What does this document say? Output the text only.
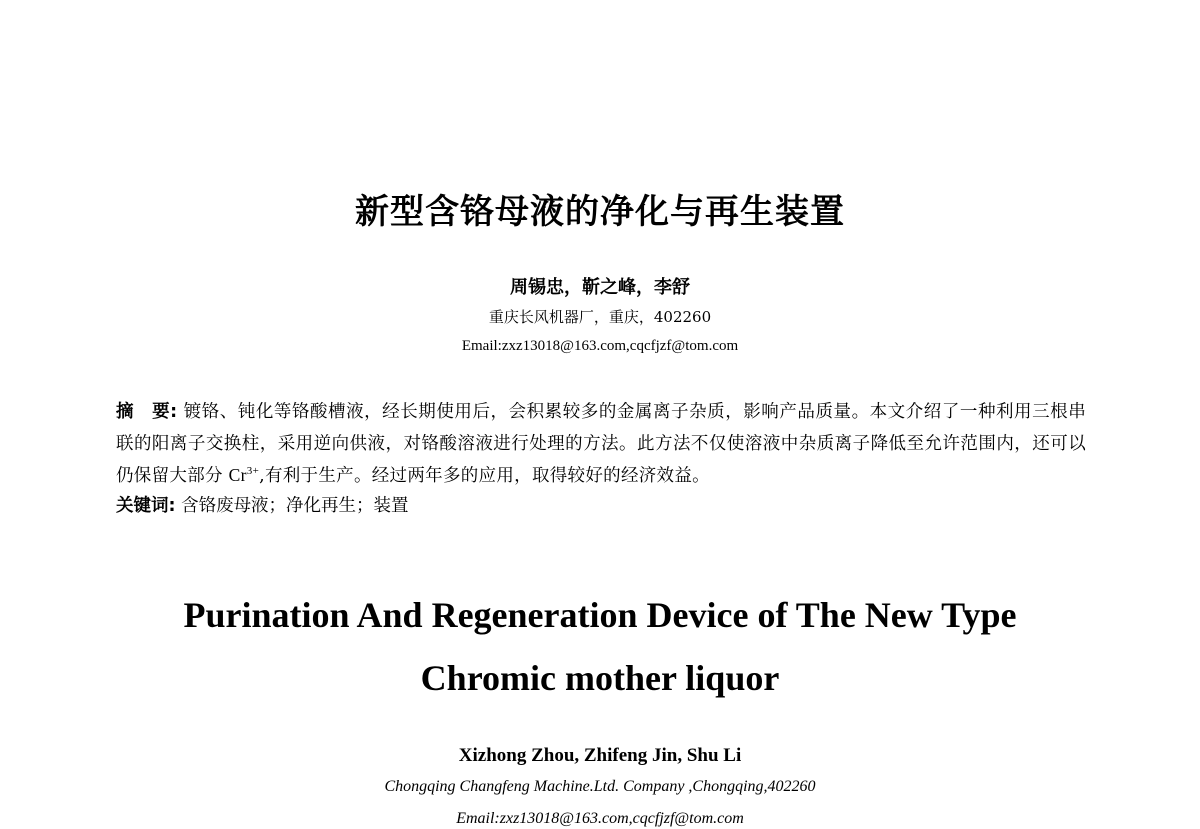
新型含铬母液的净化与再生装置
周锡忠，靳之峰，李舒
重庆长风机器厂，重庆，402260
Email:zxz13018@163.com,cqcfjzf@tom.com
摘　要: 镀铬、钝化等铬酸槽液，经长期使用后，会积累较多的金属离子杂质，影响产品质量。本文介绍了一种利用三根串联的阳离子交换柱，采用逆向供液，对铬酸溶液进行处理的方法。此方法不仅使溶液中杂质离子降低至允许范围内，还可以仍保留大部分 $Cr^{3+}$,有利于生产。经过两年多的应用，取得较好的经济效益。
关键词: 含铬废母液；净化再生；装置
Purination And Regeneration Device of The New Type
Chromic mother liquor
Xizhong Zhou, Zhifeng Jin, Shu Li
Chongqing Changfeng Machine.Ltd. Company ,Chongqing,402260
Email:zxz13018@163.com,cqcfjzf@tom.com
